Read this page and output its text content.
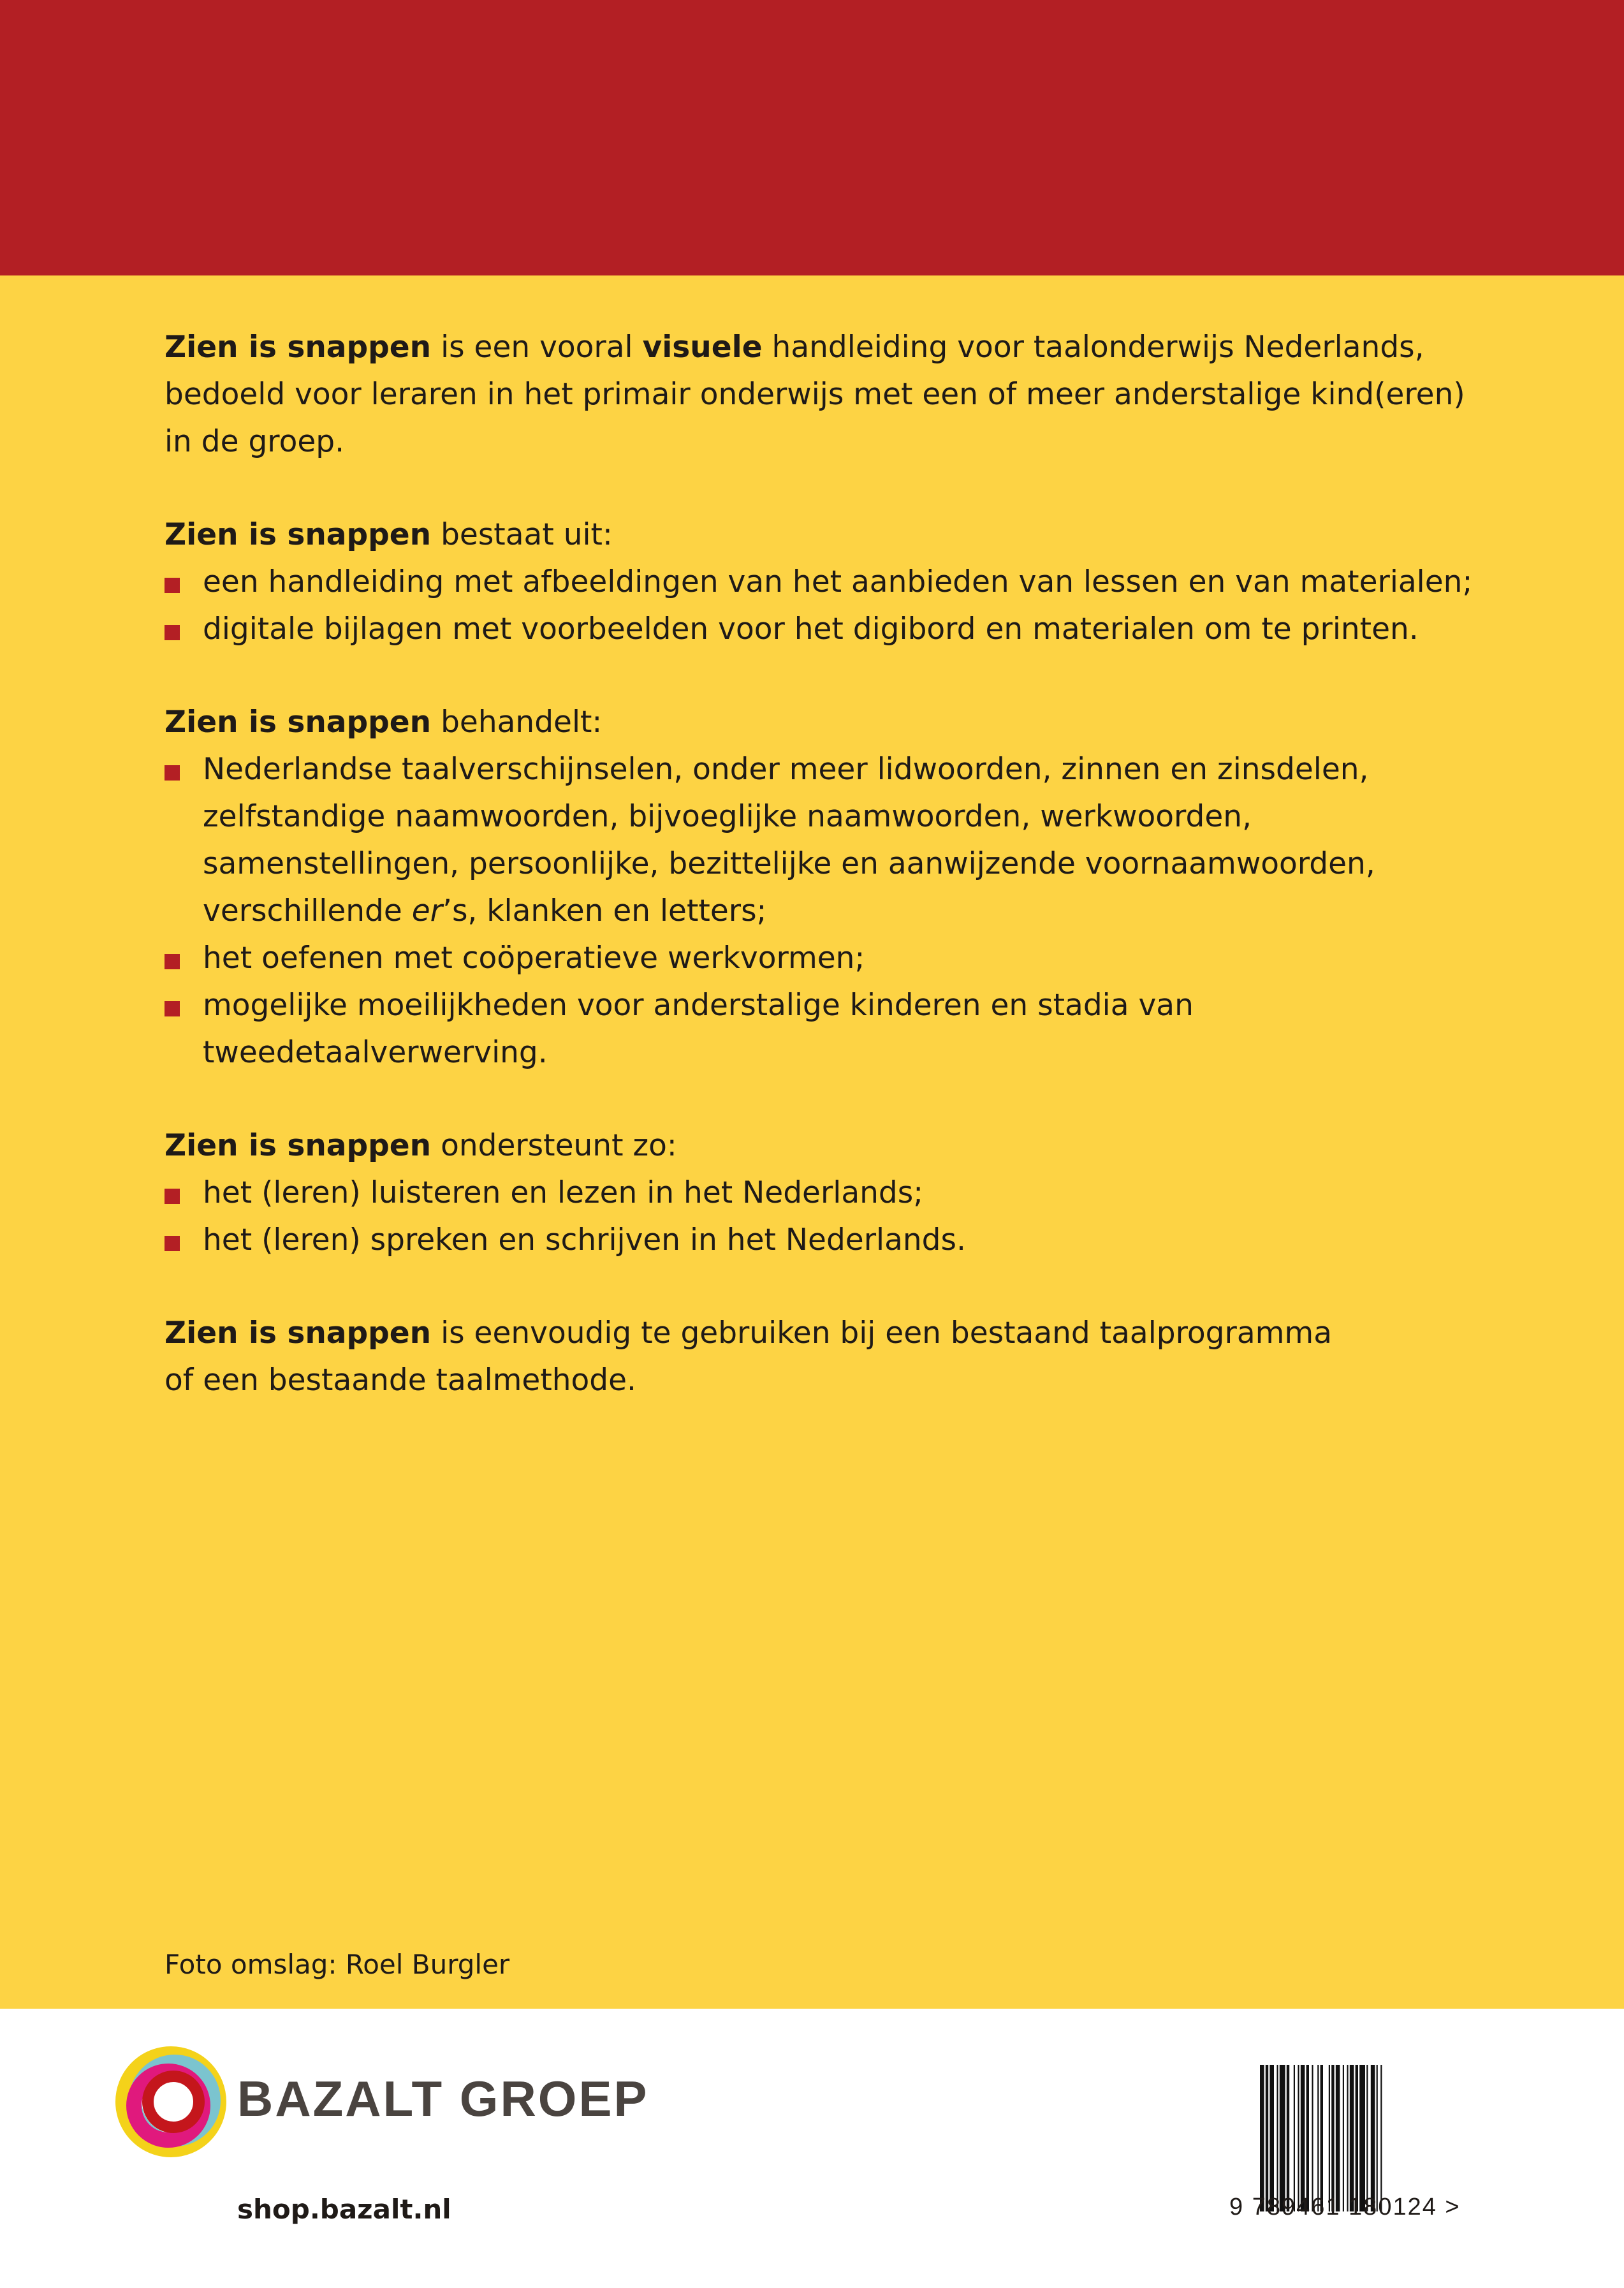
Zien is snappen is een vooral visuele handleiding voor taalonderwijs Nederlands,
bedoeld voor leraren in het primair onderwijs met een of meer anderstalige kind(eren)
in de groep.

Zien is snappen bestaat uit:
een handleiding met afbeeldingen van het aanbieden van lessen en van materialen;
digitale bijlagen met voorbeelden voor het digibord en materialen om te printen.
Zien is snappen behandelt:
Nederlandse taalverschijnselen, onder meer lidwoorden, zinnen en zinsdelen,
zelfstandige naamwoorden, bijvoeglijke naamwoorden, werkwoorden,
samenstellingen, persoonlijke, bezittelijke en aanwijzende voornaamwoorden,
verschillende er’s, klanken en letters;
het oefenen met coöperatieve werkvormen;
mogelijke moeilijkheden voor anderstalige kinderen en stadia van
tweedetaalverwerving.
Zien is snappen ondersteunt zo:
het (leren) luisteren en lezen in het Nederlands;
het (leren) spreken en schrijven in het Nederlands.

Zien is snappen is eenvoudig te gebruiken bij een bestaand taalprogramma
of een bestaande taalmethode.

Foto omslag: Roel Burgler
BAZALT GROEP
shop.bazalt.nl	9 789461 180124 >
